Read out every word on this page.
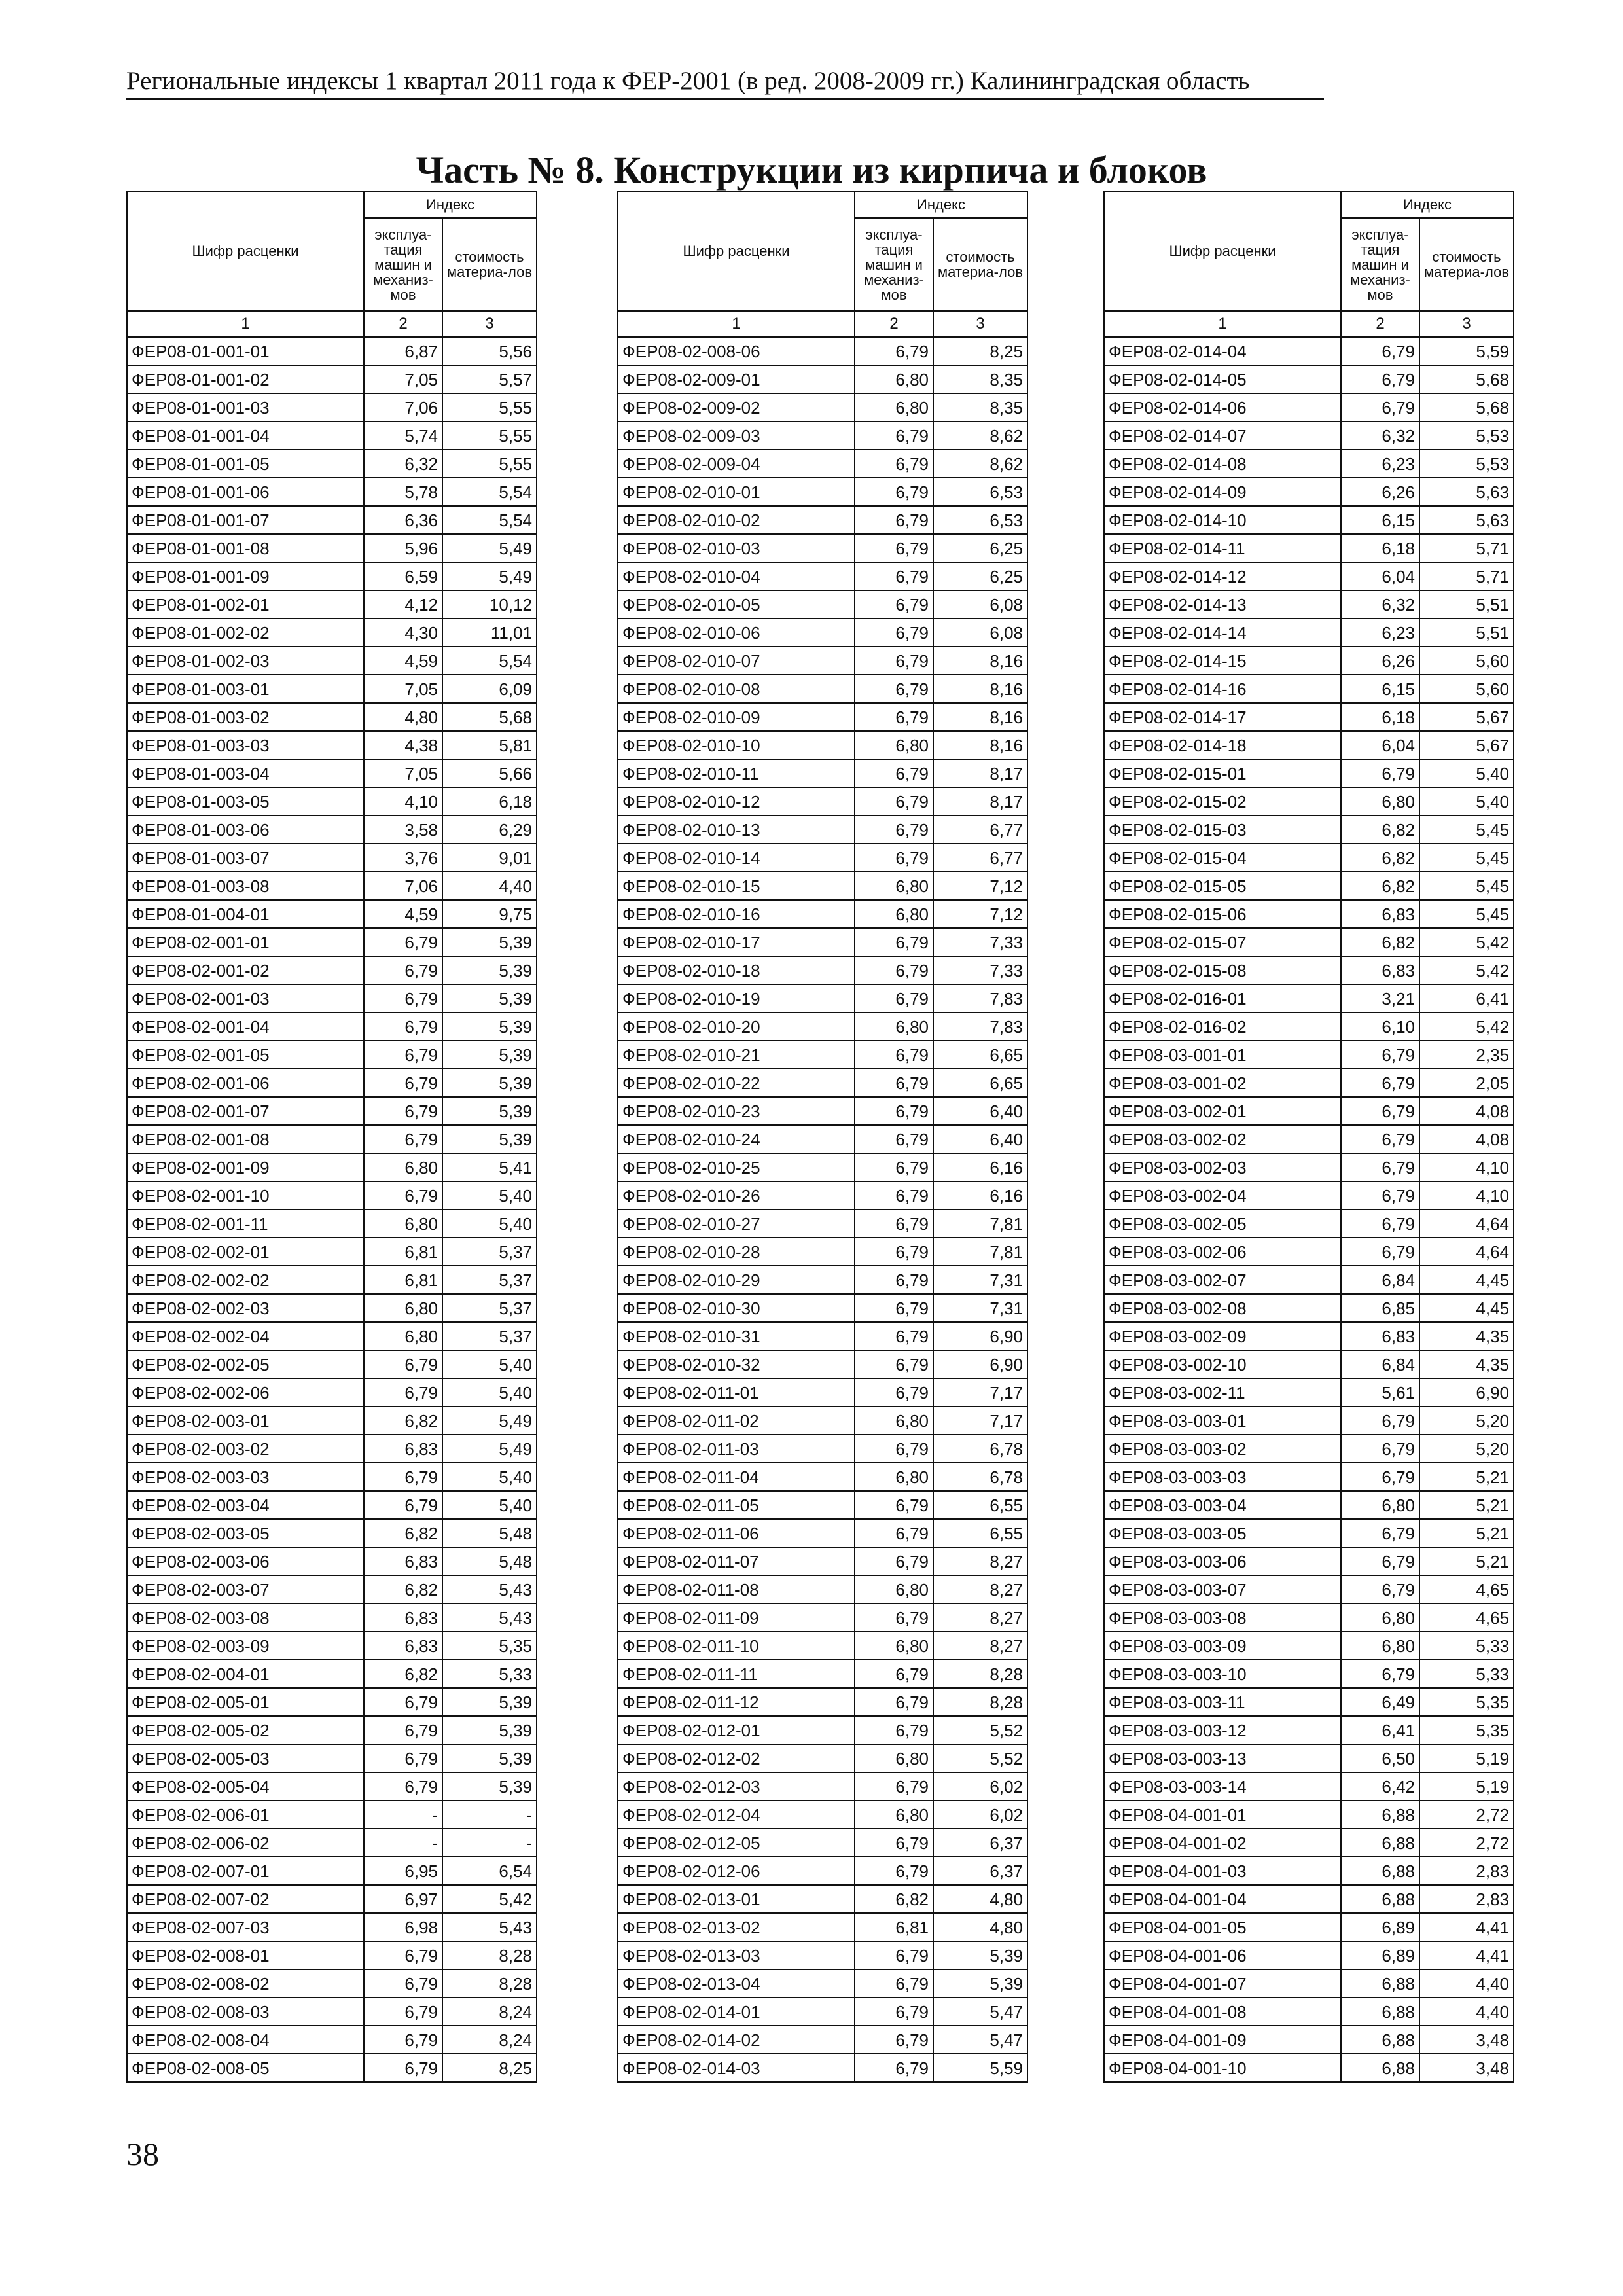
Региональные индексы 1 квартал 2011 года к ФЕР-2001 (в ред. 2008-2009 гг.) Калининградская область
Часть № 8. Конструкции из кирпича и блоков
Шифр расценки	Индекс	
	эксплуа-тация машин и механиз-мов	стоимость материа-лов
1	2	3
ФЕР08-01-001-01	6,87	5,56
ФЕР08-01-001-02	7,05	5,57
ФЕР08-01-001-03	7,06	5,55
ФЕР08-01-001-04	5,74	5,55
ФЕР08-01-001-05	6,32	5,55
ФЕР08-01-001-06	5,78	5,54
ФЕР08-01-001-07	6,36	5,54
ФЕР08-01-001-08	5,96	5,49
ФЕР08-01-001-09	6,59	5,49
ФЕР08-01-002-01	4,12	10,12
ФЕР08-01-002-02	4,30	11,01
ФЕР08-01-002-03	4,59	5,54
ФЕР08-01-003-01	7,05	6,09
ФЕР08-01-003-02	4,80	5,68
ФЕР08-01-003-03	4,38	5,81
ФЕР08-01-003-04	7,05	5,66
ФЕР08-01-003-05	4,10	6,18
ФЕР08-01-003-06	3,58	6,29
ФЕР08-01-003-07	3,76	9,01
ФЕР08-01-003-08	7,06	4,40
ФЕР08-01-004-01	4,59	9,75
ФЕР08-02-001-01	6,79	5,39
ФЕР08-02-001-02	6,79	5,39
ФЕР08-02-001-03	6,79	5,39
ФЕР08-02-001-04	6,79	5,39
ФЕР08-02-001-05	6,79	5,39
ФЕР08-02-001-06	6,79	5,39
ФЕР08-02-001-07	6,79	5,39
ФЕР08-02-001-08	6,79	5,39
ФЕР08-02-001-09	6,80	5,41
ФЕР08-02-001-10	6,79	5,40
ФЕР08-02-001-11	6,80	5,40
ФЕР08-02-002-01	6,81	5,37
ФЕР08-02-002-02	6,81	5,37
ФЕР08-02-002-03	6,80	5,37
ФЕР08-02-002-04	6,80	5,37
ФЕР08-02-002-05	6,79	5,40
ФЕР08-02-002-06	6,79	5,40
ФЕР08-02-003-01	6,82	5,49
ФЕР08-02-003-02	6,83	5,49
ФЕР08-02-003-03	6,79	5,40
ФЕР08-02-003-04	6,79	5,40
ФЕР08-02-003-05	6,82	5,48
ФЕР08-02-003-06	6,83	5,48
ФЕР08-02-003-07	6,82	5,43
ФЕР08-02-003-08	6,83	5,43
ФЕР08-02-003-09	6,83	5,35
ФЕР08-02-004-01	6,82	5,33
ФЕР08-02-005-01	6,79	5,39
ФЕР08-02-005-02	6,79	5,39
ФЕР08-02-005-03	6,79	5,39
ФЕР08-02-005-04	6,79	5,39
ФЕР08-02-006-01	-	-
ФЕР08-02-006-02	-	-
ФЕР08-02-007-01	6,95	6,54
ФЕР08-02-007-02	6,97	5,42
ФЕР08-02-007-03	6,98	5,43
ФЕР08-02-008-01	6,79	8,28
ФЕР08-02-008-02	6,79	8,28
ФЕР08-02-008-03	6,79	8,24
ФЕР08-02-008-04	6,79	8,24
ФЕР08-02-008-05	6,79	8,25
Шифр расценки	Индекс	
	эксплуа-тация машин и механиз-мов	стоимость материа-лов
1	2	3
ФЕР08-02-008-06	6,79	8,25
ФЕР08-02-009-01	6,80	8,35
ФЕР08-02-009-02	6,80	8,35
ФЕР08-02-009-03	6,79	8,62
ФЕР08-02-009-04	6,79	8,62
ФЕР08-02-010-01	6,79	6,53
ФЕР08-02-010-02	6,79	6,53
ФЕР08-02-010-03	6,79	6,25
ФЕР08-02-010-04	6,79	6,25
ФЕР08-02-010-05	6,79	6,08
ФЕР08-02-010-06	6,79	6,08
ФЕР08-02-010-07	6,79	8,16
ФЕР08-02-010-08	6,79	8,16
ФЕР08-02-010-09	6,79	8,16
ФЕР08-02-010-10	6,80	8,16
ФЕР08-02-010-11	6,79	8,17
ФЕР08-02-010-12	6,79	8,17
ФЕР08-02-010-13	6,79	6,77
ФЕР08-02-010-14	6,79	6,77
ФЕР08-02-010-15	6,80	7,12
ФЕР08-02-010-16	6,80	7,12
ФЕР08-02-010-17	6,79	7,33
ФЕР08-02-010-18	6,79	7,33
ФЕР08-02-010-19	6,79	7,83
ФЕР08-02-010-20	6,80	7,83
ФЕР08-02-010-21	6,79	6,65
ФЕР08-02-010-22	6,79	6,65
ФЕР08-02-010-23	6,79	6,40
ФЕР08-02-010-24	6,79	6,40
ФЕР08-02-010-25	6,79	6,16
ФЕР08-02-010-26	6,79	6,16
ФЕР08-02-010-27	6,79	7,81
ФЕР08-02-010-28	6,79	7,81
ФЕР08-02-010-29	6,79	7,31
ФЕР08-02-010-30	6,79	7,31
ФЕР08-02-010-31	6,79	6,90
ФЕР08-02-010-32	6,79	6,90
ФЕР08-02-011-01	6,79	7,17
ФЕР08-02-011-02	6,80	7,17
ФЕР08-02-011-03	6,79	6,78
ФЕР08-02-011-04	6,80	6,78
ФЕР08-02-011-05	6,79	6,55
ФЕР08-02-011-06	6,79	6,55
ФЕР08-02-011-07	6,79	8,27
ФЕР08-02-011-08	6,80	8,27
ФЕР08-02-011-09	6,79	8,27
ФЕР08-02-011-10	6,80	8,27
ФЕР08-02-011-11	6,79	8,28
ФЕР08-02-011-12	6,79	8,28
ФЕР08-02-012-01	6,79	5,52
ФЕР08-02-012-02	6,80	5,52
ФЕР08-02-012-03	6,79	6,02
ФЕР08-02-012-04	6,80	6,02
ФЕР08-02-012-05	6,79	6,37
ФЕР08-02-012-06	6,79	6,37
ФЕР08-02-013-01	6,82	4,80
ФЕР08-02-013-02	6,81	4,80
ФЕР08-02-013-03	6,79	5,39
ФЕР08-02-013-04	6,79	5,39
ФЕР08-02-014-01	6,79	5,47
ФЕР08-02-014-02	6,79	5,47
ФЕР08-02-014-03	6,79	5,59
Шифр расценки	Индекс	
	эксплуа-тация машин и механиз-мов	стоимость материа-лов
1	2	3
ФЕР08-02-014-04	6,79	5,59
ФЕР08-02-014-05	6,79	5,68
ФЕР08-02-014-06	6,79	5,68
ФЕР08-02-014-07	6,32	5,53
ФЕР08-02-014-08	6,23	5,53
ФЕР08-02-014-09	6,26	5,63
ФЕР08-02-014-10	6,15	5,63
ФЕР08-02-014-11	6,18	5,71
ФЕР08-02-014-12	6,04	5,71
ФЕР08-02-014-13	6,32	5,51
ФЕР08-02-014-14	6,23	5,51
ФЕР08-02-014-15	6,26	5,60
ФЕР08-02-014-16	6,15	5,60
ФЕР08-02-014-17	6,18	5,67
ФЕР08-02-014-18	6,04	5,67
ФЕР08-02-015-01	6,79	5,40
ФЕР08-02-015-02	6,80	5,40
ФЕР08-02-015-03	6,82	5,45
ФЕР08-02-015-04	6,82	5,45
ФЕР08-02-015-05	6,82	5,45
ФЕР08-02-015-06	6,83	5,45
ФЕР08-02-015-07	6,82	5,42
ФЕР08-02-015-08	6,83	5,42
ФЕР08-02-016-01	3,21	6,41
ФЕР08-02-016-02	6,10	5,42
ФЕР08-03-001-01	6,79	2,35
ФЕР08-03-001-02	6,79	2,05
ФЕР08-03-002-01	6,79	4,08
ФЕР08-03-002-02	6,79	4,08
ФЕР08-03-002-03	6,79	4,10
ФЕР08-03-002-04	6,79	4,10
ФЕР08-03-002-05	6,79	4,64
ФЕР08-03-002-06	6,79	4,64
ФЕР08-03-002-07	6,84	4,45
ФЕР08-03-002-08	6,85	4,45
ФЕР08-03-002-09	6,83	4,35
ФЕР08-03-002-10	6,84	4,35
ФЕР08-03-002-11	5,61	6,90
ФЕР08-03-003-01	6,79	5,20
ФЕР08-03-003-02	6,79	5,20
ФЕР08-03-003-03	6,79	5,21
ФЕР08-03-003-04	6,80	5,21
ФЕР08-03-003-05	6,79	5,21
ФЕР08-03-003-06	6,79	5,21
ФЕР08-03-003-07	6,79	4,65
ФЕР08-03-003-08	6,80	4,65
ФЕР08-03-003-09	6,80	5,33
ФЕР08-03-003-10	6,79	5,33
ФЕР08-03-003-11	6,49	5,35
ФЕР08-03-003-12	6,41	5,35
ФЕР08-03-003-13	6,50	5,19
ФЕР08-03-003-14	6,42	5,19
ФЕР08-04-001-01	6,88	2,72
ФЕР08-04-001-02	6,88	2,72
ФЕР08-04-001-03	6,88	2,83
ФЕР08-04-001-04	6,88	2,83
ФЕР08-04-001-05	6,89	4,41
ФЕР08-04-001-06	6,89	4,41
ФЕР08-04-001-07	6,88	4,40
ФЕР08-04-001-08	6,88	4,40
ФЕР08-04-001-09	6,88	3,48
ФЕР08-04-001-10	6,88	3,48
38
